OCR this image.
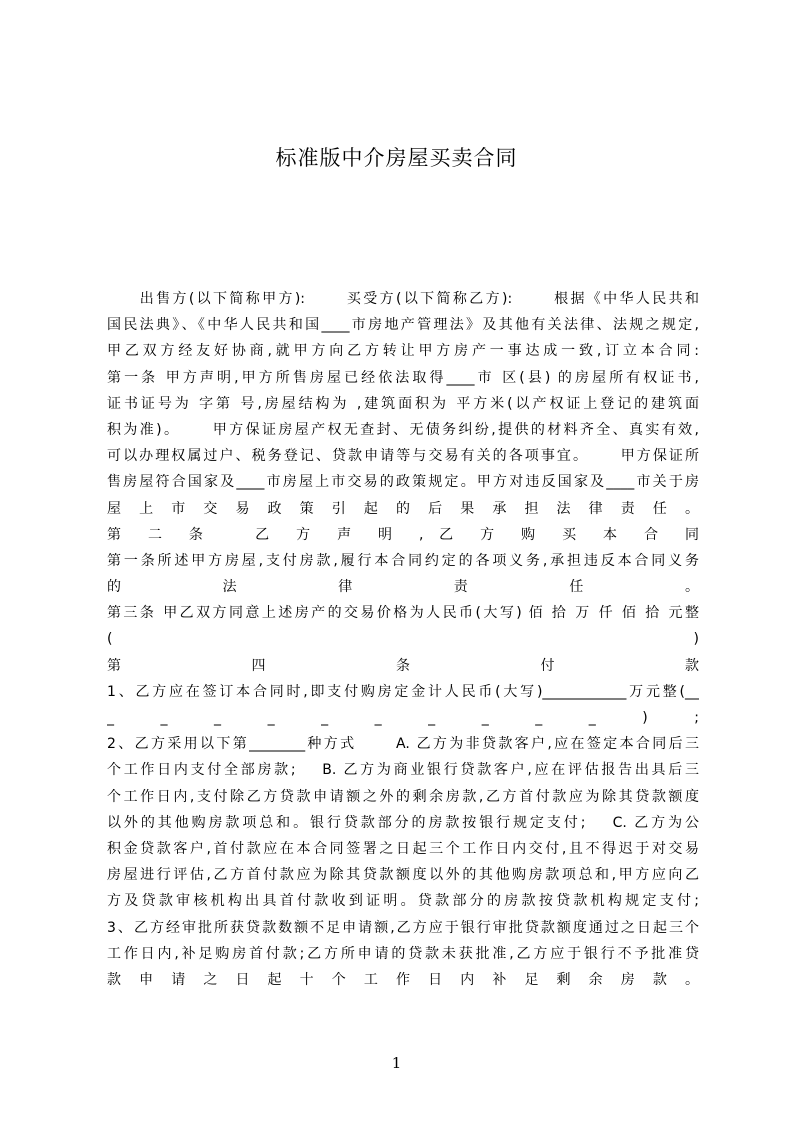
标准版中介房屋买卖合同
　　出售方(以下简称甲方):　　 买受方(以下简称乙方):　　 根据《中华人民共和
国民法典》、《中华人民共和国____市房地产管理法》及其他有关法律、法规之规定,
甲乙双方经友好协商,就甲方向乙方转让甲方房产一事达成一致,订立本合同:
第一条 甲方声明,甲方所售房屋已经依法取得____市 区(县) 的房屋所有权证书,
证书证号为 字第 号,房屋结构为 ,建筑面积为 平方米(以产权证上登记的建筑面
积为准)。　　 甲方保证房屋产权无查封、无债务纠纷,提供的材料齐全、真实有效,
可以办理权属过户、税务登记、贷款申请等与交易有关的各项事宜。　　 甲方保证所
售房屋符合国家及____市房屋上市交易的政策规定。甲方对违反国家及____市关于房
屋 上 市 交 易 政 策 引 起 的 后 果 承 担 法 律 责 任 。
第 二 条　 乙 方 声 明 , 乙 方 购 买 本 合 同
第一条所述甲方房屋,支付房款,履行本合同约定的各项义务,承担违反本合同义务
的 法 律 责 任 。
第三条 甲乙双方同意上述房产的交易价格为人民币(大写) 佰 拾 万 仟 佰 拾 元整
( )
第 四 条 付 款
1、乙方应在签订本合同时,即支付购房定金计人民币(大写)____________万元整(__
_ _ _ _ _ _ _ _ _ _ ) ;
2、乙方采用以下第________种方式　　 A. 乙方为非贷款客户,应在签定本合同后三
个工作日内支付全部房款;　 B. 乙方为商业银行贷款客户,应在评估报告出具后三
个工作日内,支付除乙方贷款申请额之外的剩余房款,乙方首付款应为除其贷款额度
以外的其他购房款项总和。银行贷款部分的房款按银行规定支付;　 C. 乙方为公
积金贷款客户,首付款应在本合同签署之日起三个工作日内交付,且不得迟于对交易
房屋进行评估,乙方首付款应为除其贷款额度以外的其他购房款项总和,甲方应向乙
方及贷款审核机构出具首付款收到证明。贷款部分的房款按贷款机构规定支付;
3、乙方经审批所获贷款数额不足申请额,乙方应于银行审批贷款额度通过之日起三个
工作日内,补足购房首付款;乙方所申请的贷款未获批准,乙方应于银行不予批准贷
款 申 请 之 日 起 十 个 工 作 日 内 补 足 剩 余 房 款 。
1
